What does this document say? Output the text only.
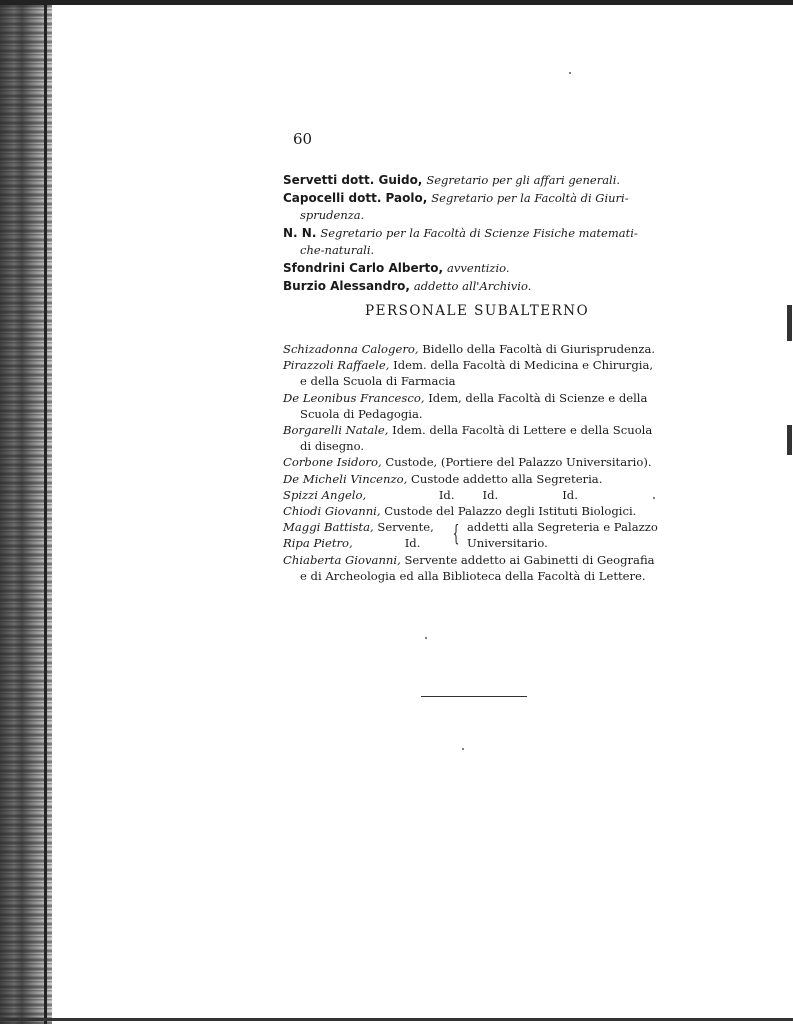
60
Servetti dott. Guido, Segretario per gli affari generali.
Capocelli dott. Paolo, Segretario per la Facoltà di Giuri-
sprudenza.
N. N. Segretario per la Facoltà di Scienze Fisiche matemati-
che-naturali.
Sfondrini Carlo Alberto, avventizio.
Burzio Alessandro, addetto all'Archivio.
PERSONALE SUBALTERNO
Schizadonna Calogero, Bidello della Facoltà di Giurisprudenza.
Pirazzoli Raffaele, Idem. della Facoltà di Medicina e Chirurgia,
e della Scuola di Farmacia
De Leonibus Francesco, Idem, della Facoltà di Scienze e della
Scuola di Pedagogia.
Borgarelli Natale, Idem. della Facoltà di Lettere e della Scuola
di disegno.
Corbone Isidoro, Custode, (Portiere del Palazzo Universitario).
De Micheli Vincenzo, Custode addetto alla Segreteria.
Spizzi Angelo,	Id. Id.	Id.
Chiodi Giovanni, Custode del Palazzo degli Istituti Biologici.
Maggi Battista, Servente,
Ripa Pietro,	Id.	{ addetti alla Segreteria e Palazzo
Universitario.
Chiaberta Giovanni, Servente addetto ai Gabinetti di Geografia
e di Archeologia ed alla Biblioteca della Facoltà di Lettere.
